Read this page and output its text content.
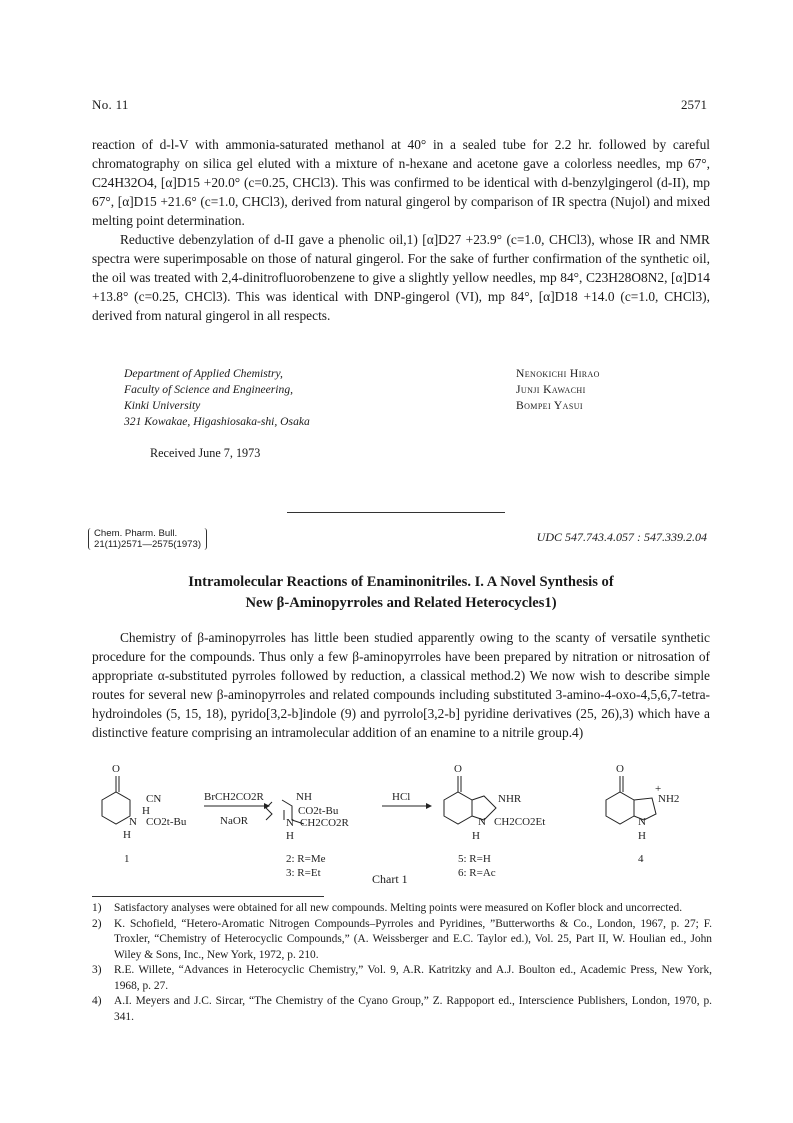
No. 11	2571

reaction of d-l-V with ammonia-saturated methanol at 40° in a sealed tube for 2.2 hr. followed by careful chromatography on silica gel eluted with a mixture of n-hexane and acetone gave a colorless needles, mp 67°, C24H32O4, [α]D15 +20.0° (c=0.25, CHCl3). This was confirmed to be identical with d-benzylgingerol (d-II), mp 67°, [α]D15 +21.6° (c=1.0, CHCl3), derived from natural gingerol by comparison of IR spectra (Nujol) and mixed melting point determination.

Reductive debenzylation of d-II gave a phenolic oil,1) [α]D27 +23.9° (c=1.0, CHCl3), whose IR and NMR spectra were superimposable on those of natural gingerol. For the sake of further confirmation of the synthetic oil, the oil was treated with 2,4-dinitrofluorobenzene to give a slightly yellow needles, mp 84°, C23H28O8N2, [α]D14 +13.8° (c=0.25, CHCl3). This was identical with DNP-gingerol (VI), mp 84°, [α]D18 +14.0 (c=1.0, CHCl3), derived from natural gingerol in all respects.

Department of Applied Chemistry,
Faculty of Science and Engineering,
Kinki University
321 Kowakae, Higashiosaka-shi, Osaka
Nenokichi Hirao
Junji Kawachi
Bompei Yasui
Received June 7, 1973
Chem. Pharm. Bull.
21(11)2571—2575(1973)
UDC 547.743.4.057 : 547.339.2.04
Intramolecular Reactions of Enaminonitriles. I. A Novel Synthesis of
New β-Aminopyrroles and Related Heterocycles1)

Chemistry of β-aminopyrroles has little been studied apparently owing to the scanty of versatile synthetic procedure for the compounds. Thus only a few β-aminopyrroles have been prepared by nitration or nitrosation of appropriate α-substituted pyrroles followed by reduction, a classical method.2) We now wish to describe simple routes for several new β-aminopyrroles and related compounds including substituted 3-amino-4-oxo-4,5,6,7-tetra-hydroindoles (5, 15, 18), pyrido[3,2-b]indole (9) and pyrrolo[3,2-b] pyridine derivatives (25, 26),3) which have a distinctive feature comprising an intramolecular addition of an enamine to a nitrile group.4)

O
CN
H
N CO2t-Bu
H
1
BrCH2CO2R
NaOR
NH
CO2t-Bu
N CH2CO2R
H
2: R=Me
3: R=Et
HCl
O
NHR
N CH2CO2Et
H
5: R=H
6: R=Ac
O
+
NH2
N
H
4
Chart 1
1) Satisfactory analyses were obtained for all new compounds. Melting points were measured on Kofler block and uncorrected.
2) K. Schofield, “Hetero-Aromatic Nitrogen Compounds–Pyrroles and Pyridines, ”Butterworths & Co., London, 1967, p. 27; F. Troxler, “Chemistry of Heterocyclic Compounds,” (A. Weissberger and E.C. Taylor ed.), Vol. 25, Part II, W. Houlian ed., John Wiley & Sons, Inc., New York, 1972, p. 210.
3) R.E. Willete, “Advances in Heterocyclic Chemistry,” Vol. 9, A.R. Katritzky and A.J. Boulton ed., Academic Press, New York, 1968, p. 27.
4) A.I. Meyers and J.C. Sircar, “The Chemistry of the Cyano Group,” Z. Rappoport ed., Interscience Publishers, London, 1970, p. 341.
